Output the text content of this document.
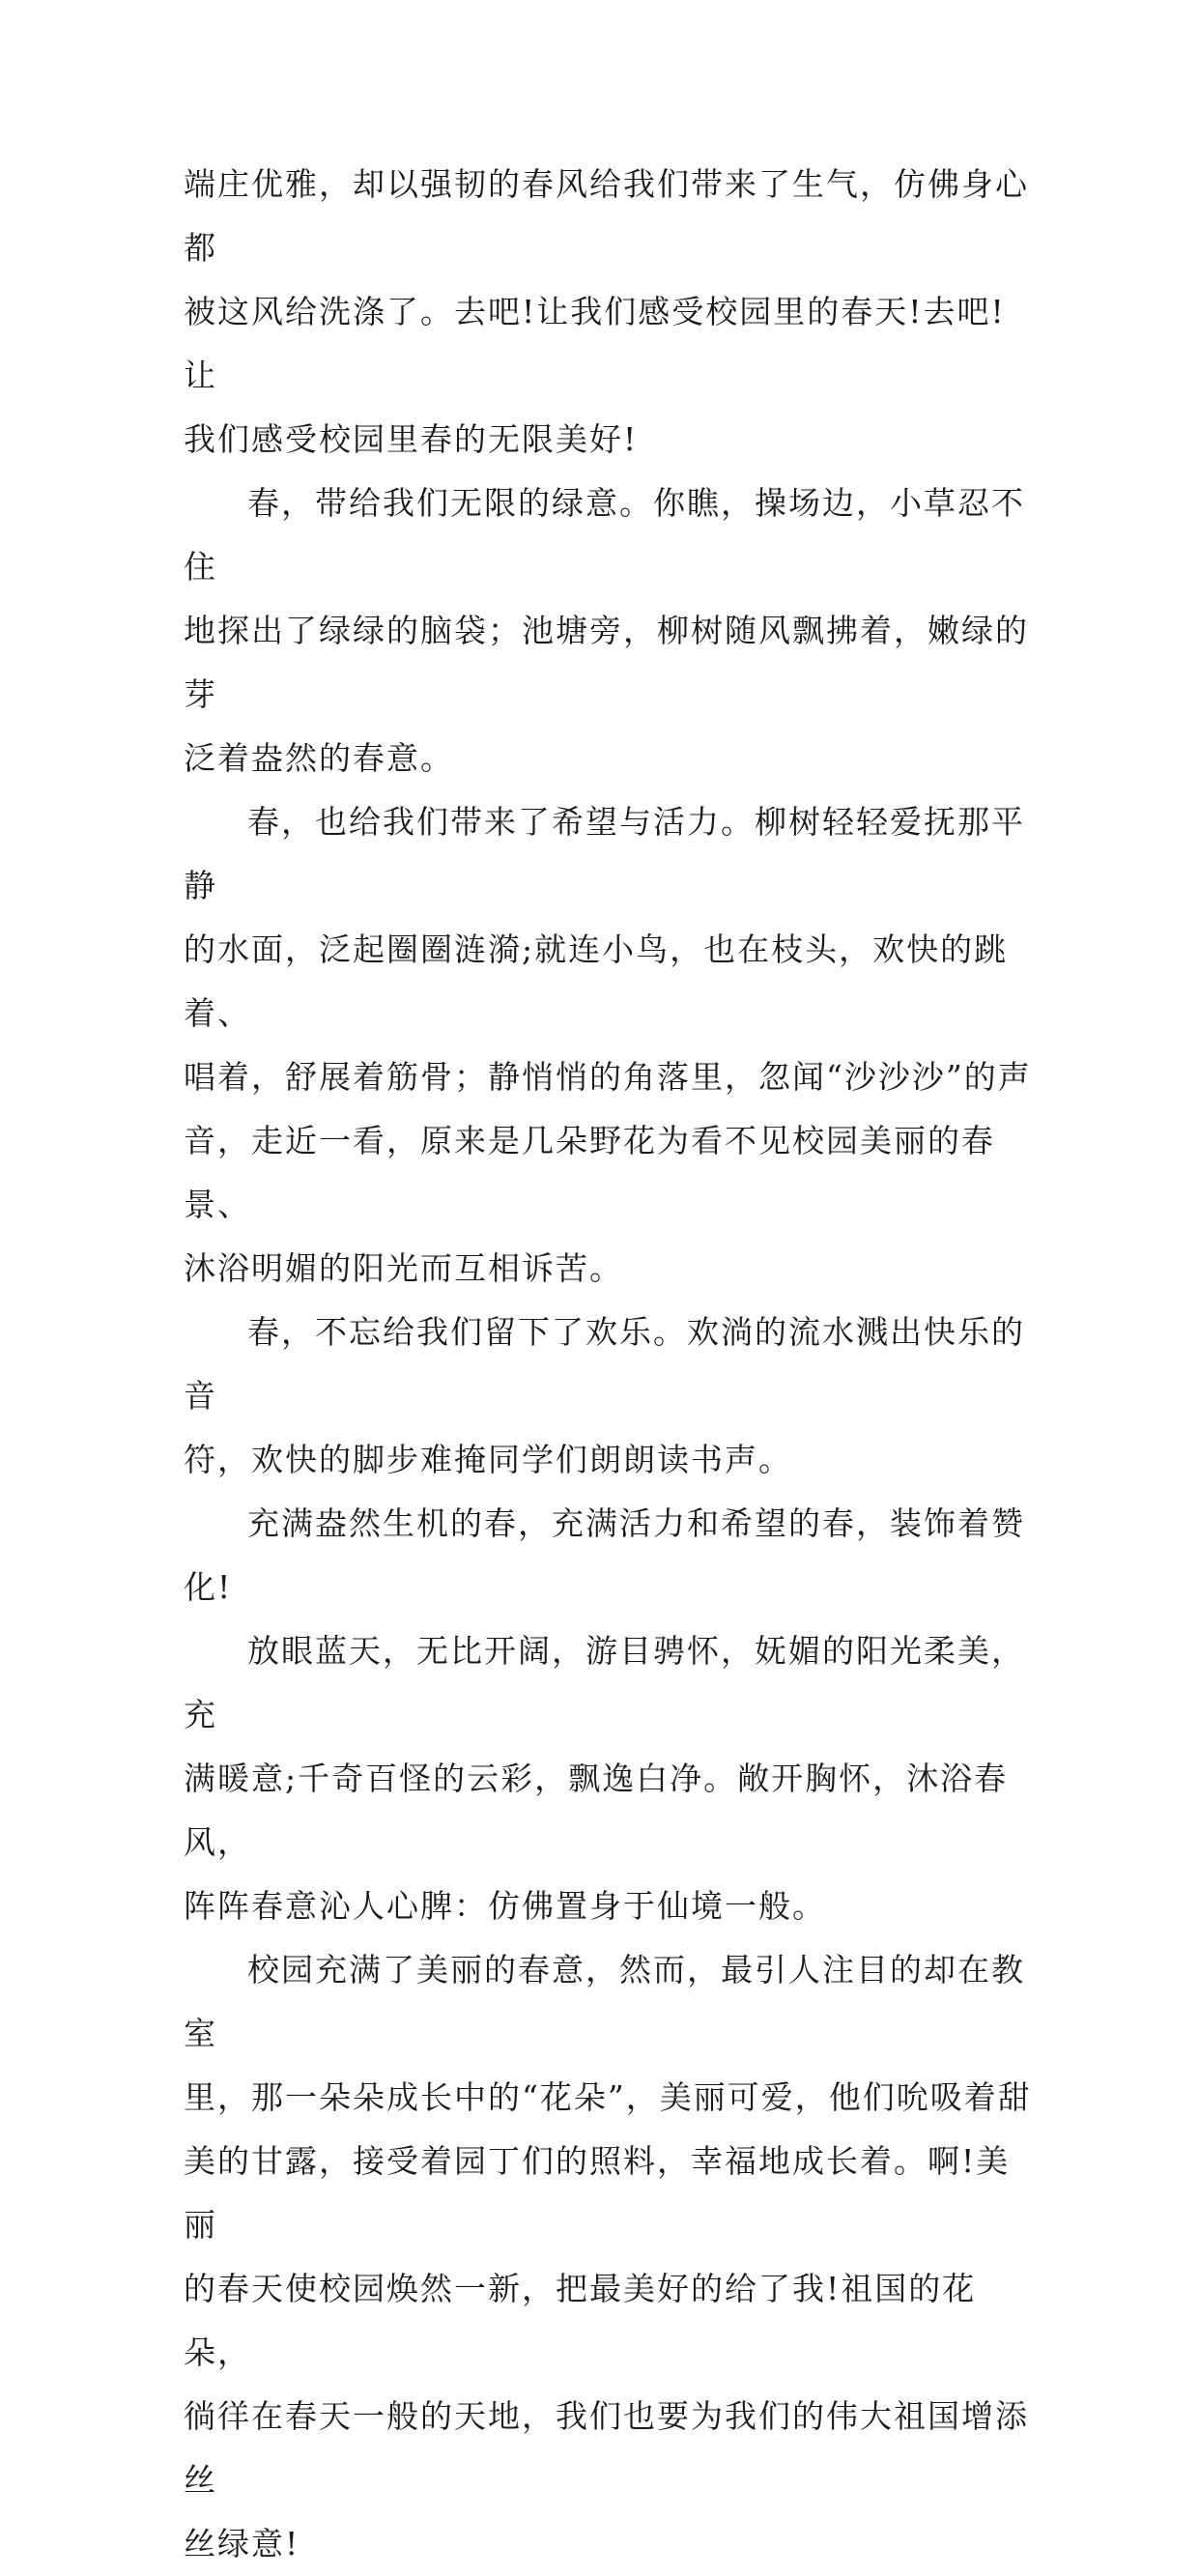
端庄优雅，却以强韧的春风给我们带来了生气，仿佛身心都
被这风给洗涤了。去吧!让我们感受校园里的春天!去吧!让
我们感受校园里春的无限美好!
春，带给我们无限的绿意。你瞧，操场边，小草忍不住
地探出了绿绿的脑袋；池塘旁，柳树随风飘拂着，嫩绿的芽
泛着盎然的春意。
春，也给我们带来了希望与活力。柳树轻轻爱抚那平静
的水面，泛起圈圈涟漪;就连小鸟，也在枝头，欢快的跳着、
唱着，舒展着筋骨；静悄悄的角落里，忽闻“沙沙沙”的声
音，走近一看，原来是几朵野花为看不见校园美丽的春景、
沐浴明媚的阳光而互相诉苦。
春，不忘给我们留下了欢乐。欢淌的流水溅出快乐的音
符，欢快的脚步难掩同学们朗朗读书声。
充满盎然生机的春，充满活力和希望的春，装饰着赞化!
放眼蓝天，无比开阔，游目骋怀，妩媚的阳光柔美，充
满暖意;千奇百怪的云彩，飘逸白净。敞开胸怀，沐浴春风，
阵阵春意沁人心脾：仿佛置身于仙境一般。
校园充满了美丽的春意，然而，最引人注目的却在教室
里，那一朵朵成长中的“花朵”，美丽可爱，他们吮吸着甜
美的甘露，接受着园丁们的照料，幸福地成长着。啊!美丽
的春天使校园焕然一新，把最美好的给了我!祖国的花朵，
徜徉在春天一般的天地，我们也要为我们的伟大祖国增添丝
丝绿意!
